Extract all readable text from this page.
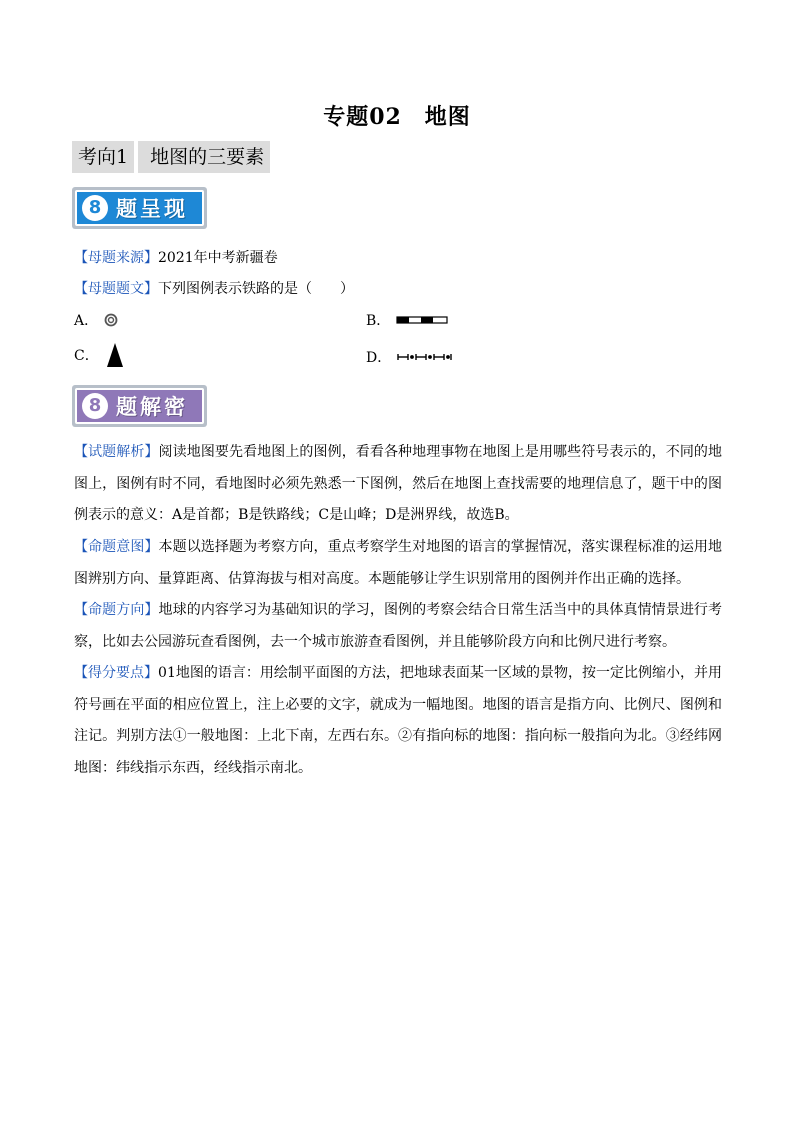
专题02　地图
考向1	地图的三要素
8 题呈现
【母题来源】2021年中考新疆卷
【母题题文】下列图例表示铁路的是（　　）
A．	B．
C．	D．
8 题解密
【试题解析】阅读地图要先看地图上的图例，看看各种地理事物在地图上是用哪些符号表示的，不同的地图上，图例有时不同，看地图时必须先熟悉一下图例，然后在地图上查找需要的地理信息了，题干中的图例表示的意义：A是首都；B是铁路线；C是山峰；D是洲界线，故选B。
【命题意图】本题以选择题为考察方向，重点考察学生对地图的语言的掌握情况，落实课程标准的运用地图辨别方向、量算距离、估算海拔与相对高度。本题能够让学生识别常用的图例并作出正确的选择。
【命题方向】地球的内容学习为基础知识的学习，图例的考察会结合日常生活当中的具体真情情景进行考察，比如去公园游玩查看图例，去一个城市旅游查看图例，并且能够阶段方向和比例尺进行考察。
【得分要点】01地图的语言：用绘制平面图的方法，把地球表面某一区域的景物，按一定比例缩小，并用符号画在平面的相应位置上，注上必要的文字，就成为一幅地图。地图的语言是指方向、比例尺、图例和注记。判别方法①一般地图：上北下南，左西右东。②有指向标的地图：指向标一般指向为北。③经纬网地图：纬线指示东西，经线指示南北。
